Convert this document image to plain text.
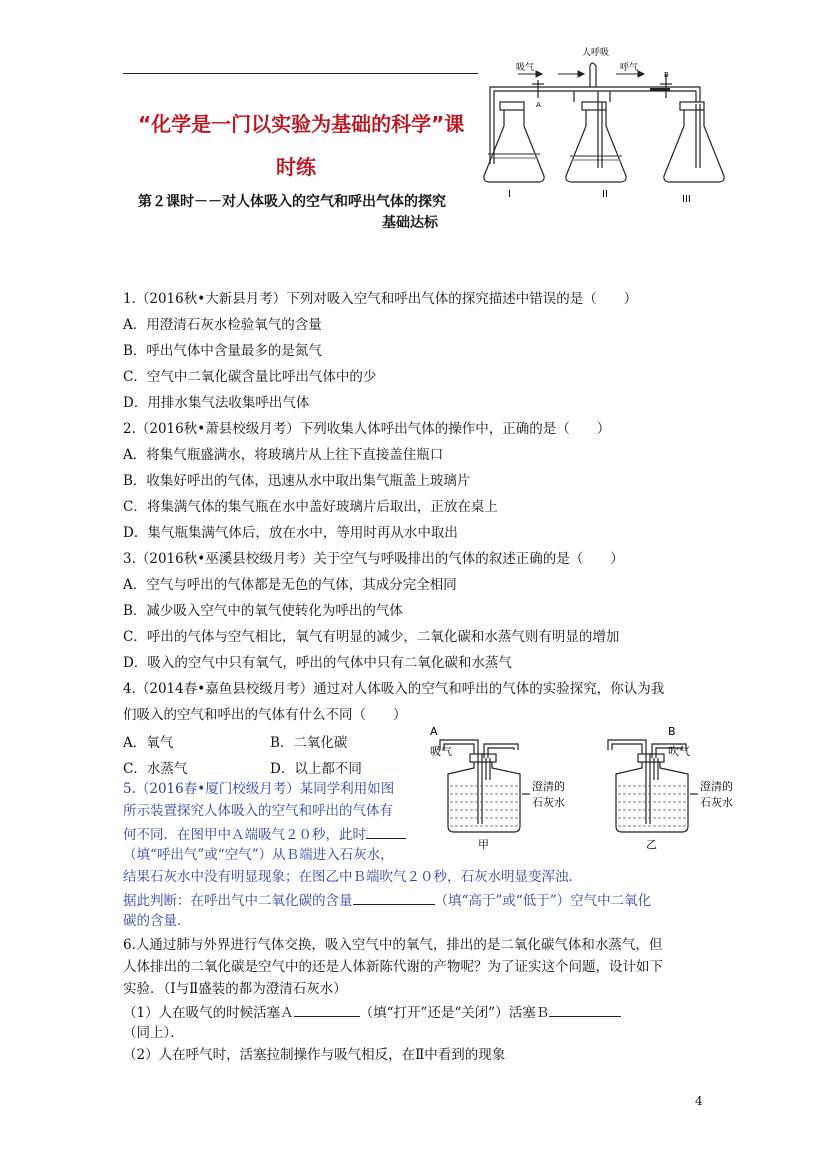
“化学是一门以实验为基础的科学”课
时练
第２课时－－对人体吸入的空气和呼出气体的探究
基础达标
人呼吸
吸气	呼气
A
B
I	II	III
1.（2016秋•大新县月考）下列对吸入空气和呼出气体的探究描述中错误的是（　　）
A．用澄清石灰水检验氧气的含量
B．呼出气体中含量最多的是氮气
C．空气中二氧化碳含量比呼出气体中的少
D．用排水集气法收集呼出气体
2.（2016秋•萧县校级月考）下列收集人体呼出气体的操作中，正确的是（　　）
A．将集气瓶盛满水，将玻璃片从上往下直接盖住瓶口
B．收集好呼出的气体，迅速从水中取出集气瓶盖上玻璃片
C．将集满气体的集气瓶在水中盖好玻璃片后取出，正放在桌上
D．集气瓶集满气体后，放在水中，等用时再从水中取出
3.（2016秋•巫溪县校级月考）关于空气与呼吸排出的气体的叙述正确的是（　　）
A．空气与呼出的气体都是无色的气体，其成分完全相同
B．减少吸入空气中的氧气使转化为呼出的气体
C．呼出的气体与空气相比，氧气有明显的减少，二氧化碳和水蒸气则有明显的增加
D．吸入的空气中只有氧气，呼出的气体中只有二氧化碳和水蒸气
4.（2014春•嘉鱼县校级月考）通过对人体吸入的空气和呼出的气体的实验探究，你认为我
们吸入的空气和呼出的气体有什么不同（　　）
A．氧气	B．二氧化碳
C．水蒸气	D．以上都不同
A
吸气
澄清的
石灰水
甲
B
吹气
澄清的
石灰水
乙
5.（2016春•厦门校级月考）某同学利用如图
所示装置探究人体吸入的空气和呼出的气体有
何不同．在图甲中Ａ端吸气２０秒，此时
（填“呼出气”或“空气”）从Ｂ端进入石灰水，
结果石灰水中没有明显现象；在图乙中Ｂ端吹气２０秒，石灰水明显变浑浊．
据此判断：在呼出气中二氧化碳的含量	（填“高于”或“低于”）空气中二氧化
碳的含量．
6.人通过肺与外界进行气体交换，吸入空气中的氧气，排出的是二氧化碳气体和水蒸气，但
人体排出的二氧化碳是空气中的还是人体新陈代谢的产物呢？为了证实这个问题，设计如下
实验．（Ⅰ与Ⅱ盛装的都为澄清石灰水）
（1）人在吸气的时候活塞Ａ	（填“打开”还是“关闭”）活塞Ｂ
（同上）．
（2）人在呼气时，活塞拉制操作与吸气相反，在Ⅱ中看到的现象
4
